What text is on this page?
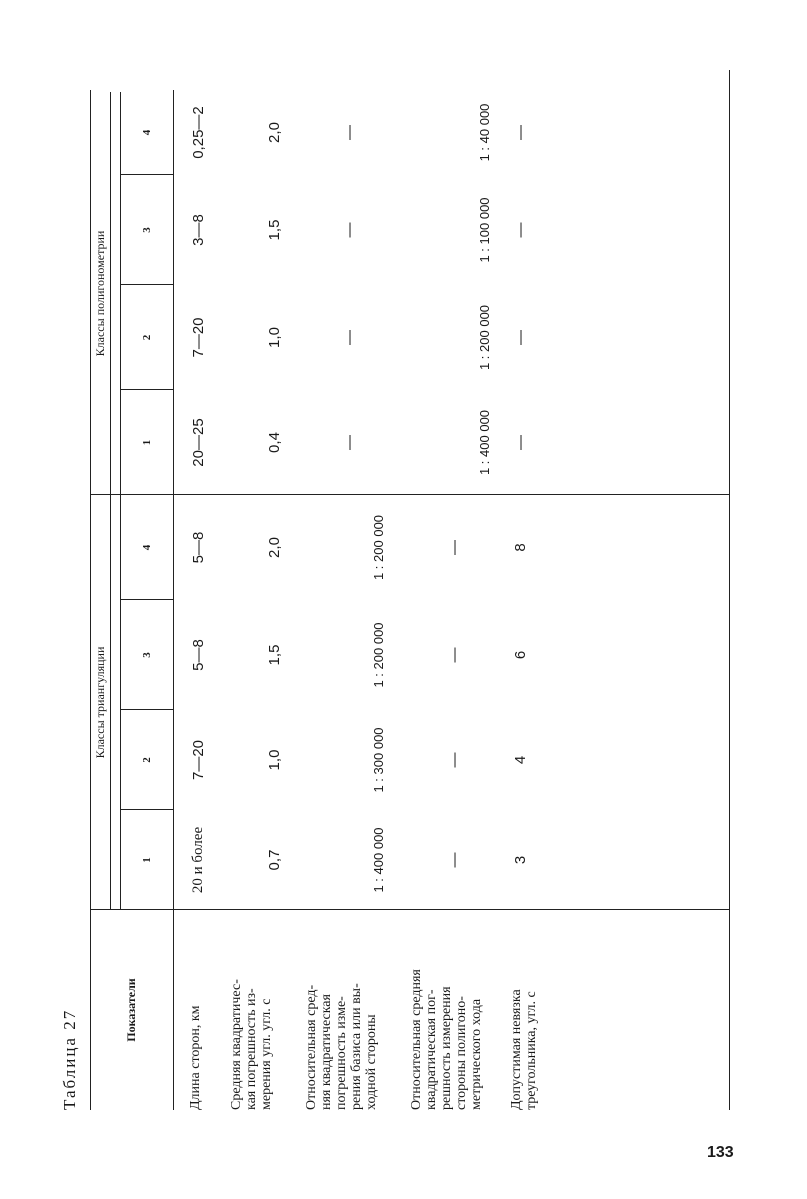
Таблица 27	Показатели
Классы триангуляции
Классы полигонометрии
1
2
3
4
1
2
3
4
Длина сторон, км Средняя квадратичес- кая погрешность из- мерения угл. угл. с Относительная сред- няя квадратическая погрешность изме- рения базиса или вы- ходной стороны Относительная средняя квадратическая пог- решность измерения стороны полигоно- метрического хода Допустимая невязка треугольника, угл. с
20 и более
7—20
5—8
5—8
20—25
7—20
3—8
0,25—2
0,7
1,0
1,5
2,0
0,4
1,0
1,5
2,0
1 : 400 000
1 : 300 000
1 : 200 000
1 : 200 000
—
—
—
—
—
—
—
—
1 : 400 000
1 : 200 000
1 : 100 000
1 : 40 000
3
4
6
8
—
—
—
—
133
